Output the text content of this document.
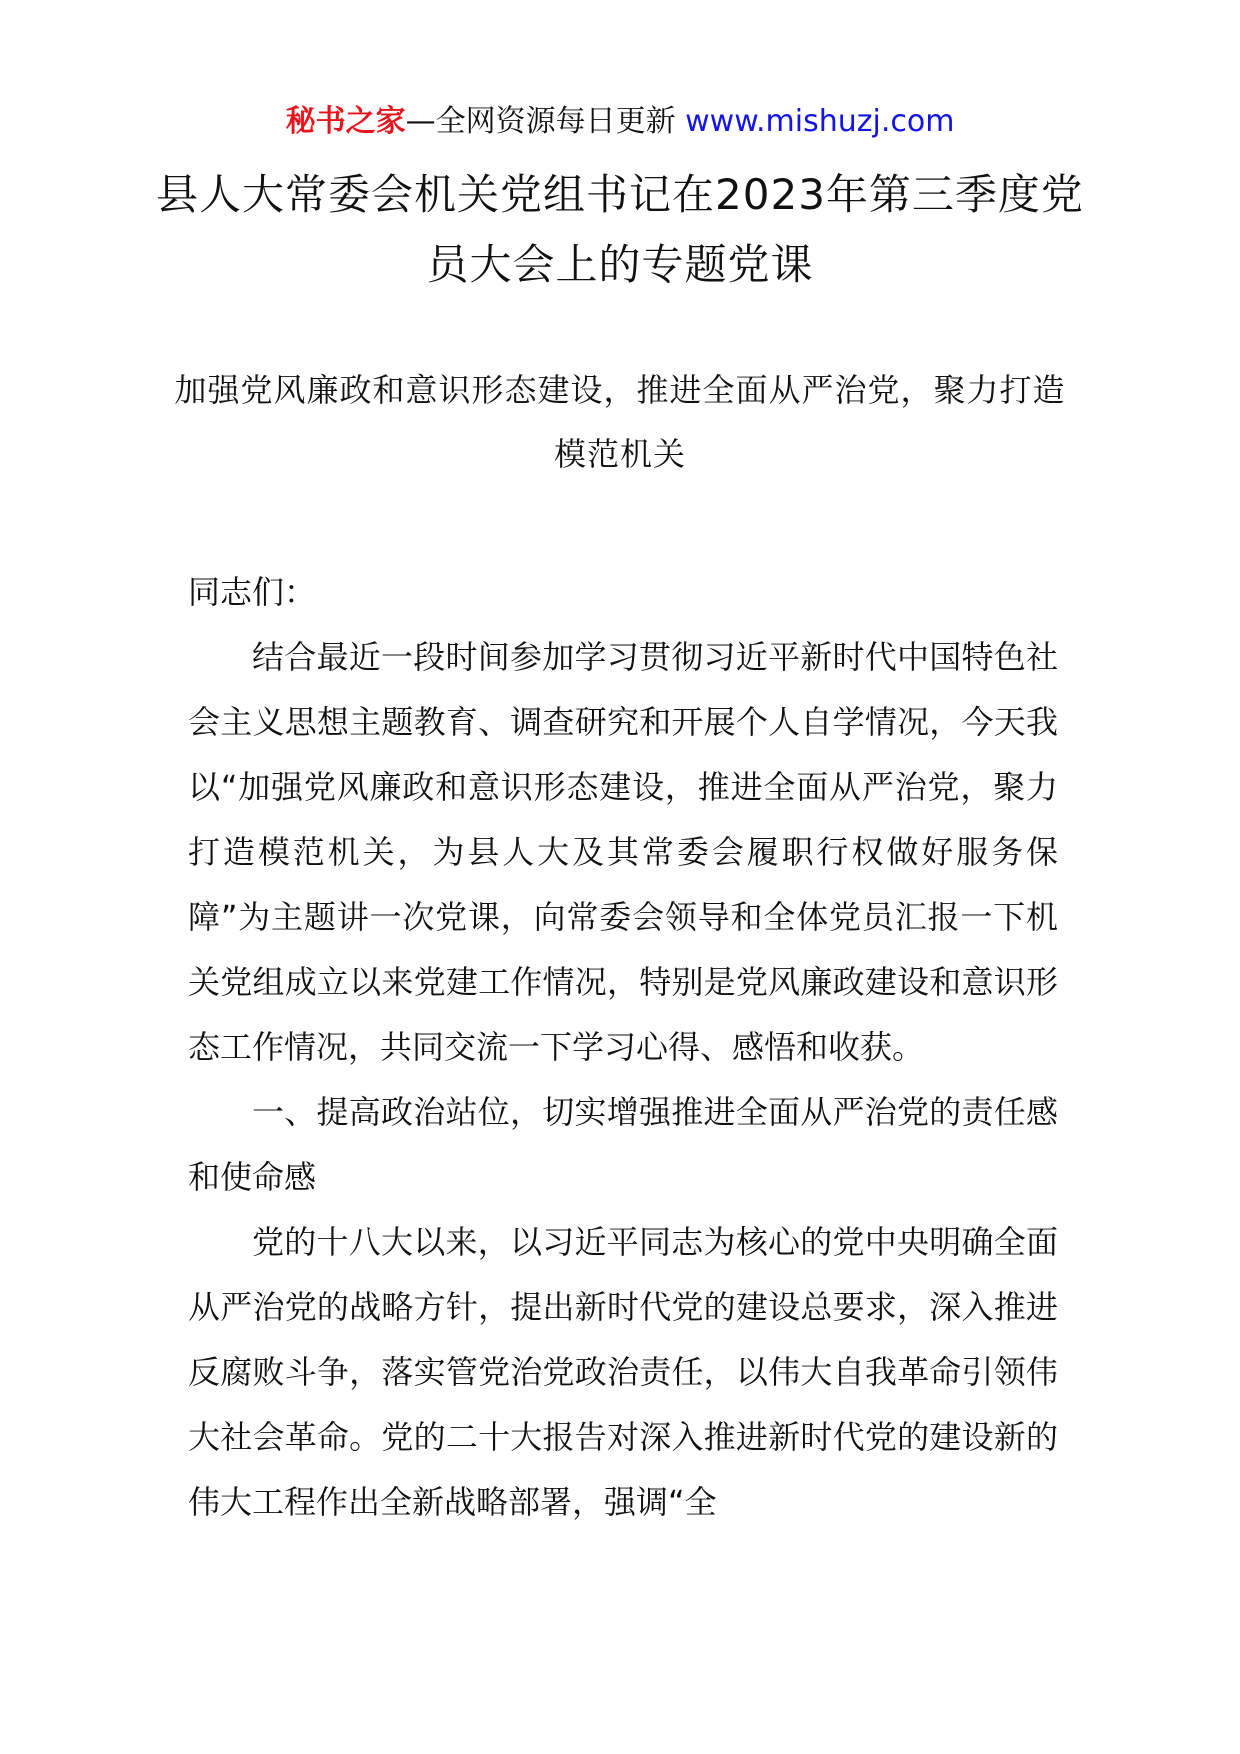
秘书之家—全网资源每日更新 www.mishuzj.com
县人大常委会机关党组书记在2023年第三季度党员大会上的专题党课
加强党风廉政和意识形态建设，推进全面从严治党，聚力打造模范机关

同志们：

结合最近一段时间参加学习贯彻习近平新时代中国特色社会主义思想主题教育、调查研究和开展个人自学情况，今天我以“加强党风廉政和意识形态建设，推进全面从严治党，聚力打造模范机关，为县人大及其常委会履职行权做好服务保障”为主题讲一次党课，向常委会领导和全体党员汇报一下机关党组成立以来党建工作情况，特别是党风廉政建设和意识形态工作情况，共同交流一下学习心得、感悟和收获。

一、提高政治站位，切实增强推进全面从严治党的责任感和使命感

党的十八大以来，以习近平同志为核心的党中央明确全面从严治党的战略方针，提出新时代党的建设总要求，深入推进反腐败斗争，落实管党治党政治责任，以伟大自我革命引领伟大社会革命。党的二十大报告对深入推进新时代党的建设新的伟大工程作出全新战略部署，强调“全
